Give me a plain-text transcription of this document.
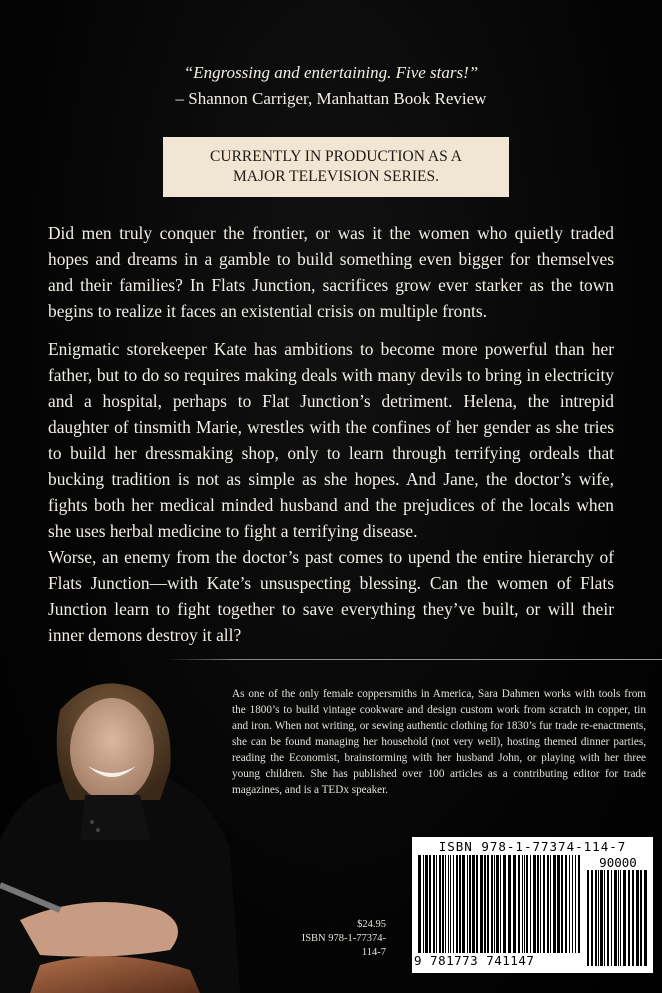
“Engrossing and entertaining. Five stars!”
– Shannon Carriger, Manhattan Book Review
CURRENTLY IN PRODUCTION AS A
MAJOR TELEVISION SERIES.

Did men truly conquer the frontier, or was it the women who quietly traded hopes and dreams in a gamble to build something even bigger for themselves and their families? In Flats Junction, sacrifices grow ever starker as the town begins to realize it faces an existential crisis on multiple fronts.

Enigmatic storekeeper Kate has ambitions to become more powerful than her father, but to do so requires making deals with many devils to bring in electricity and a hospital, perhaps to Flat Junction’s detriment. Helena, the intrepid daughter of tinsmith Marie, wrestles with the confines of her gender as she tries to build her dressmaking shop, only to learn through terrifying ordeals that bucking tradition is not as simple as she hopes. And Jane, the doctor’s wife, fights both her medical minded husband and the prejudices of the locals when she uses herbal medicine to fight a terrifying disease.

Worse, an enemy from the doctor’s past comes to upend the entire hierarchy of Flats Junction—with Kate’s unsuspecting blessing. Can the women of Flats Junction learn to fight together to save everything they’ve built, or will their inner demons destroy it all?

As one of the only female coppersmiths in America, Sara Dahmen works with tools from the 1800’s to build vintage cookware and design custom work from scratch in copper, tin and iron. When not writing, or sewing authentic clothing for 1830’s fur trade re-enactments, she can be found managing her household (not very well), hosting themed dinner parties, reading the Economist, brainstorming with her husband John, or playing with her three young children. She has published over 100 articles as a contributing editor for trade magazines, and is a TEDx speaker.

$24.95
ISBN 978-1-77374-114-7
ISBN 978-1-77374-114-7
90000
9 781773 741147
